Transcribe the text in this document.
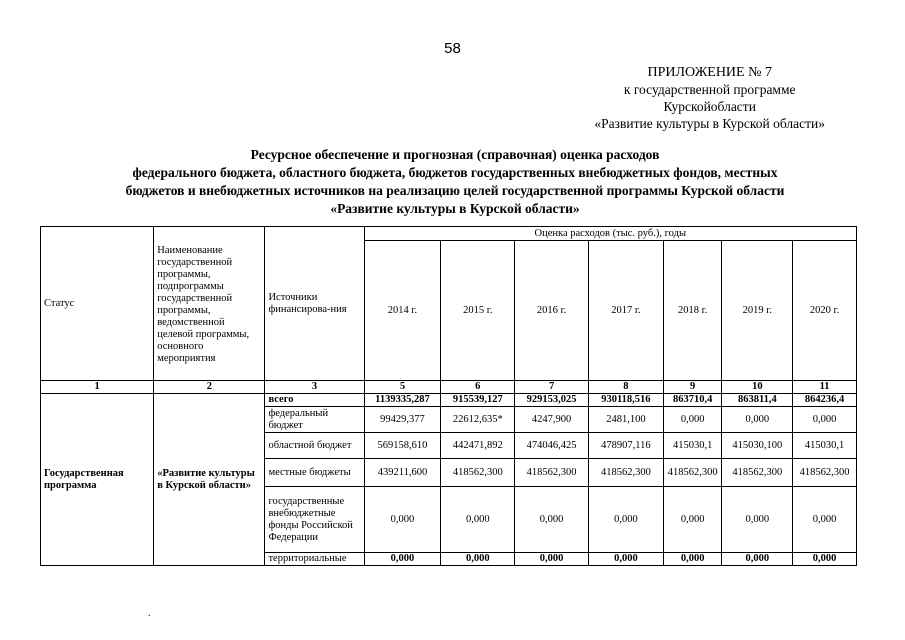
58
ПРИЛОЖЕНИЕ № 7
к государственной программе
Курскойобласти
«Развитие культуры в Курской области»
Ресурсное обеспечение и прогнозная (справочная) оценка расходов
федерального бюджета, областного бюджета, бюджетов государственных внебюджетных фондов, местных
бюджетов и внебюджетных источников на реализацию целей государственной программы Курской области
«Развитие культуры в Курской области»
Статус	Наименование государственной программы, подпрограммы государственной программы, ведомственной целевой программы, основного мероприятия	Источники финансирова-ния	Оценка расходов (тыс. руб.), годы						
			2014 г.	2015 г.	2016 г.	2017 г.	2018 г.	2019 г.	2020 г.
1	2	3	5	6	7	8	9	10	11
Государственная программа	«Развитие культуры в Курской области»	всего	1139335,287	915539,127	929153,025	930118,516	863710,4	863811,4	864236,4
		федеральный бюджет	99429,377	22612,635*	4247,900	2481,100	0,000	0,000	0,000
		областной бюджет	569158,610	442471,892	474046,425	478907,116	415030,1	415030,100	415030,1
		местные бюджеты	439211,600	418562,300	418562,300	418562,300	418562,300	418562,300	418562,300
		государственные внебюджетные фонды Российской Федерации	0,000	0,000	0,000	0,000	0,000	0,000	0,000
		территориальные	0,000	0,000	0,000	0,000	0,000	0,000	0,000
.
